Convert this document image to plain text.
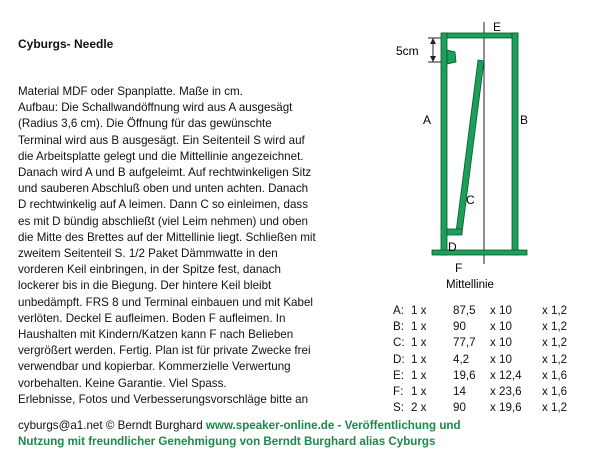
Cyburgs- Needle
Material MDF oder Spanplatte. Maße in cm.
Aufbau: Die Schallwandöffnung wird aus A ausgesägt
(Radius 3,6 cm). Die Öffnung für das gewünschte
Terminal wird aus B ausgesägt. Ein Seitenteil S wird auf
die Arbeitsplatte gelegt und die Mittellinie angezeichnet.
Danach wird A und B aufgeleimt. Auf rechtwinkeligen Sitz
und sauberen Abschluß oben und unten achten. Danach
D rechtwinkelig auf A leimen. Dann C so einleimen, dass
es mit D bündig abschließt (viel Leim nehmen) und oben
die Mitte des Brettes auf der Mittellinie liegt. Schließen mit
zweitem Seitenteil S. 1/2 Paket Dämmwatte in den
vorderen Keil einbringen, in der Spitze fest, danach
lockerer bis in die Biegung. Der hintere Keil bleibt
unbedämpft. FRS 8 und Terminal einbauen und mit Kabel
verlöten. Deckel E aufleimen. Boden F aufleimen. In
Haushalten mit Kindern/Katzen kann F nach Belieben
vergrößert werden. Fertig. Plan ist für private Zwecke frei
verwendbar und kopierbar. Kommerzielle Verwertung
vorbehalten. Keine Garantie. Viel Spass.
Erlebnisse, Fotos und Verbesserungsvorschläge bitte an
cyburgs@a1.net © Berndt Burghard www.speaker-online.de - Veröffentlichung und
Nutzung mit freundlicher Genehmigung von Berndt Burghard alias Cyburgs
5cm
E
A	B
C
D
F
Mittellinie
A: 1 x 87,5 x 10	x 1,2
B: 1 x 90 x 10	x 1,2
C: 1 x 77,7 x 10	x 1,2
D: 1 x 4,2 x 10	x 1,2
E: 1 x 19,6 x 12,4 x 1,6
F: 1 x 14 x 23,6 x 1,6
S: 2 x 90 x 19,6 x 1,2
